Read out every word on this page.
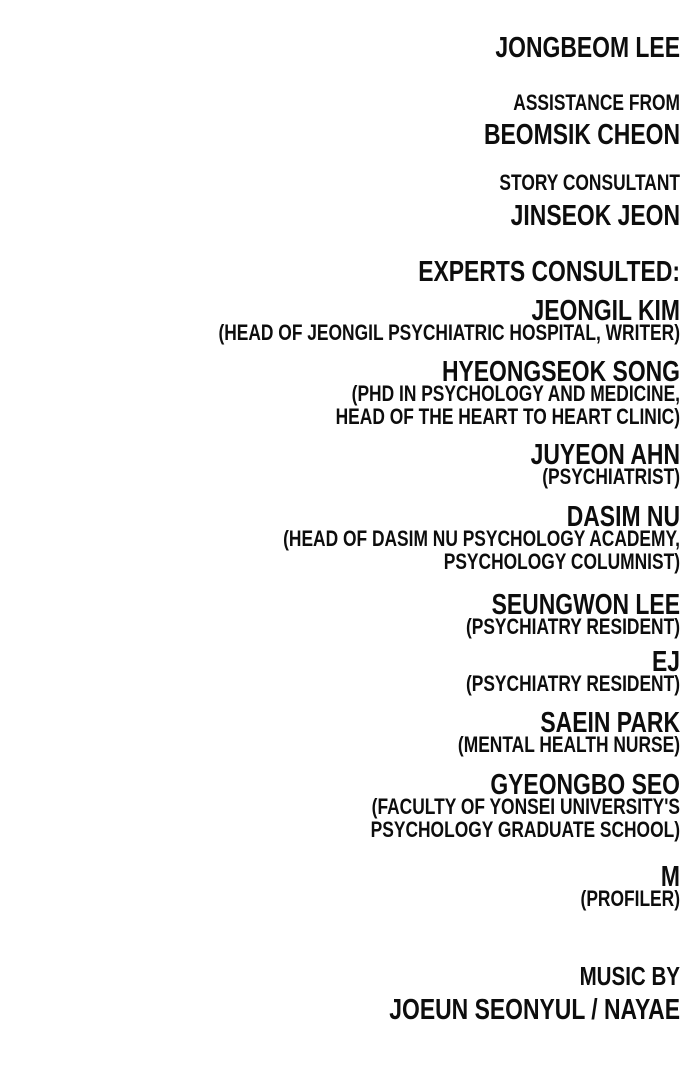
JONGBEOM LEE
ASSISTANCE FROM
BEOMSIK CHEON
STORY CONSULTANT
JINSEOK JEON
EXPERTS CONSULTED:
JEONGIL KIM
(HEAD OF JEONGIL PSYCHIATRIC HOSPITAL, WRITER)
HYEONGSEOK SONG
(PHD IN PSYCHOLOGY AND MEDICINE,
HEAD OF THE HEART TO HEART CLINIC)
JUYEON AHN
(PSYCHIATRIST)
DASIM NU
(HEAD OF DASIM NU PSYCHOLOGY ACADEMY,
PSYCHOLOGY COLUMNIST)
SEUNGWON LEE
(PSYCHIATRY RESIDENT)
EJ
(PSYCHIATRY RESIDENT)
SAEIN PARK
(MENTAL HEALTH NURSE)
GYEONGBO SEO
(FACULTY OF YONSEI UNIVERSITY'S
PSYCHOLOGY GRADUATE SCHOOL)
M
(PROFILER)
MUSIC BY
JOEUN SEONYUL / NAYAE
